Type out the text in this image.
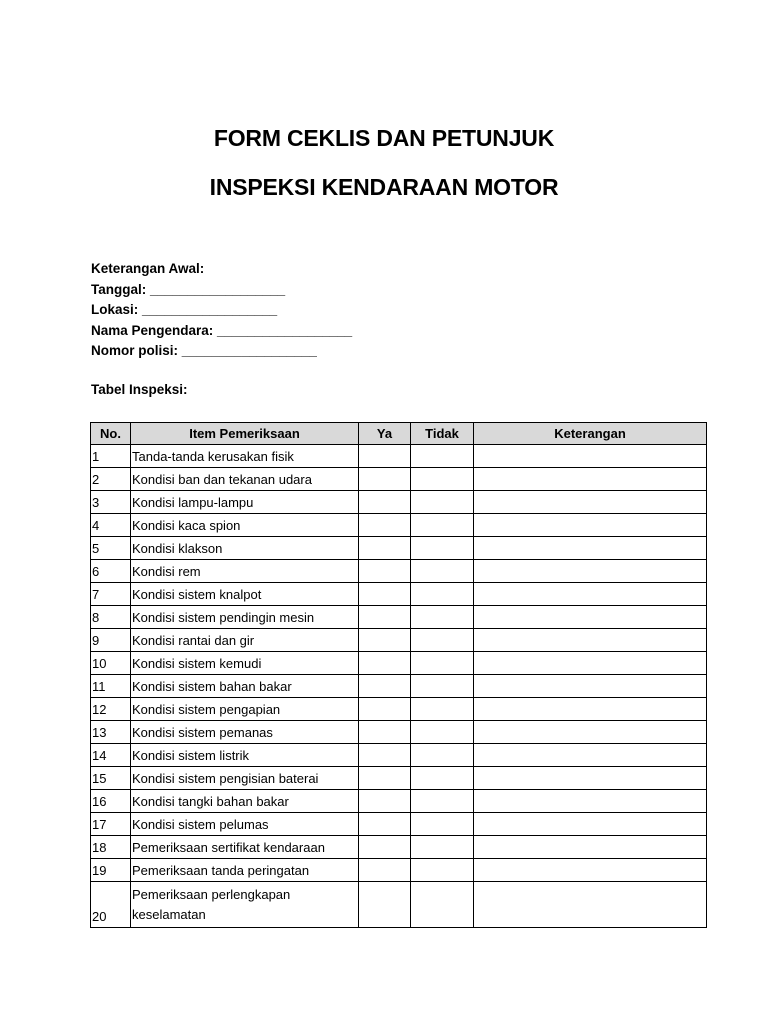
FORM CEKLIS DAN PETUNJUK
INSPEKSI KENDARAAN MOTOR
Keterangan Awal:
Tanggal: __________________
Lokasi: __________________
Nama Pengendara: __________________
Nomor polisi: __________________
Tabel Inspeksi:
No.	Item Pemeriksaan	Ya	Tidak	Keterangan
1	Tanda-tanda kerusakan fisik			
2	Kondisi ban dan tekanan udara			
3	Kondisi lampu-lampu			
4	Kondisi kaca spion			
5	Kondisi klakson			
6	Kondisi rem			
7	Kondisi sistem knalpot			
8	Kondisi sistem pendingin mesin			
9	Kondisi rantai dan gir			
10	Kondisi sistem kemudi			
11	Kondisi sistem bahan bakar			
12	Kondisi sistem pengapian			
13	Kondisi sistem pemanas			
14	Kondisi sistem listrik			
15	Kondisi sistem pengisian baterai			
16	Kondisi tangki bahan bakar			
17	Kondisi sistem pelumas			
18	Pemeriksaan sertifikat kendaraan			
19	Pemeriksaan tanda peringatan			
20	Pemeriksaan perlengkapan keselamatan			
